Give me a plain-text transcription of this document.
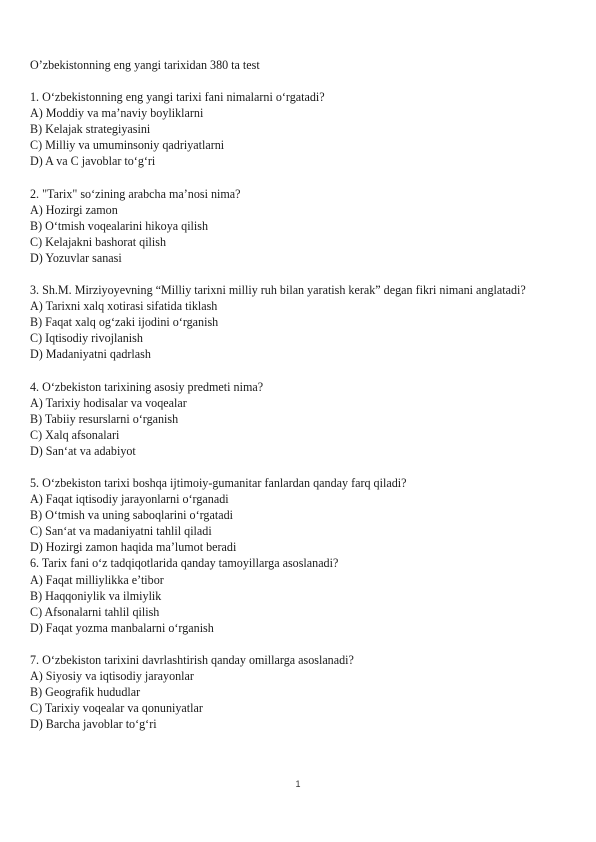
O’zbekistonning eng yangi tarixidan 380 ta test
1. O‘zbekistonning eng yangi tarixi fani nimalarni o‘rgatadi?
A) Moddiy va ma’naviy boyliklarni
B) Kelajak strategiyasini
C) Milliy va umuminsoniy qadriyatlarni
D) A va C javoblar to‘g‘ri
2. "Tarix" so‘zining arabcha ma’nosi nima?
A) Hozirgi zamon
B) O‘tmish voqealarini hikoya qilish
C) Kelajakni bashorat qilish
D) Yozuvlar sanasi
3. Sh.M. Mirziyoyevning “Milliy tarixni milliy ruh bilan yaratish kerak” degan fikri nimani anglatadi?
A) Tarixni xalq xotirasi sifatida tiklash
B) Faqat xalq og‘zaki ijodini o‘rganish
C) Iqtisodiy rivojlanish
D) Madaniyatni qadrlash
4. O‘zbekiston tarixining asosiy predmeti nima?
A) Tarixiy hodisalar va voqealar
B) Tabiiy resurslarni o‘rganish
C) Xalq afsonalari
D) San‘at va adabiyot
5. O‘zbekiston tarixi boshqa ijtimoiy-gumanitar fanlardan qanday farq qiladi?
A) Faqat iqtisodiy jarayonlarni o‘rganadi
B) O‘tmish va uning saboqlarini o‘rgatadi
C) San‘at va madaniyatni tahlil qiladi
D) Hozirgi zamon haqida ma’lumot beradi
6. Tarix fani o‘z tadqiqotlarida qanday tamoyillarga asoslanadi?
A) Faqat milliylikka e’tibor
B) Haqqoniylik va ilmiylik
C) Afsonalarni tahlil qilish
D) Faqat yozma manbalarni o‘rganish
7. O‘zbekiston tarixini davrlashtirish qanday omillarga asoslanadi?
A) Siyosiy va iqtisodiy jarayonlar
B) Geografik hududlar
C) Tarixiy voqealar va qonuniyatlar
D) Barcha javoblar to‘g‘ri
1
